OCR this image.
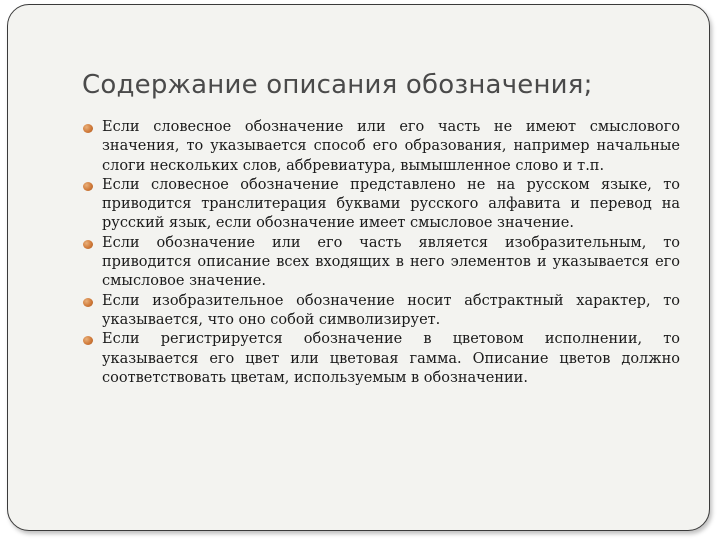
Содержание описания обозначения;
Если словесное обозначение или его часть не имеют смыслового значения, то указывается способ его образования, например начальные слоги нескольких слов, аббревиатура, вымышленное слово и т.п.
Если словесное обозначение представлено не на русском языке, то приводится транслитерация буквами русского алфавита и перевод на русский язык, если обозначение имеет смысловое значение.
Если обозначение или его часть является изобразительным, то приводится описание всех входящих в него элементов и указывается его смысловое значение.
Если изобразительное обозначение носит абстрактный характер, то указывается, что оно собой символизирует.
Если регистрируется обозначение в цветовом исполнении, то указывается его цвет или цветовая гамма. Описание цветов должно соответствовать цветам, используемым в обозначении.
